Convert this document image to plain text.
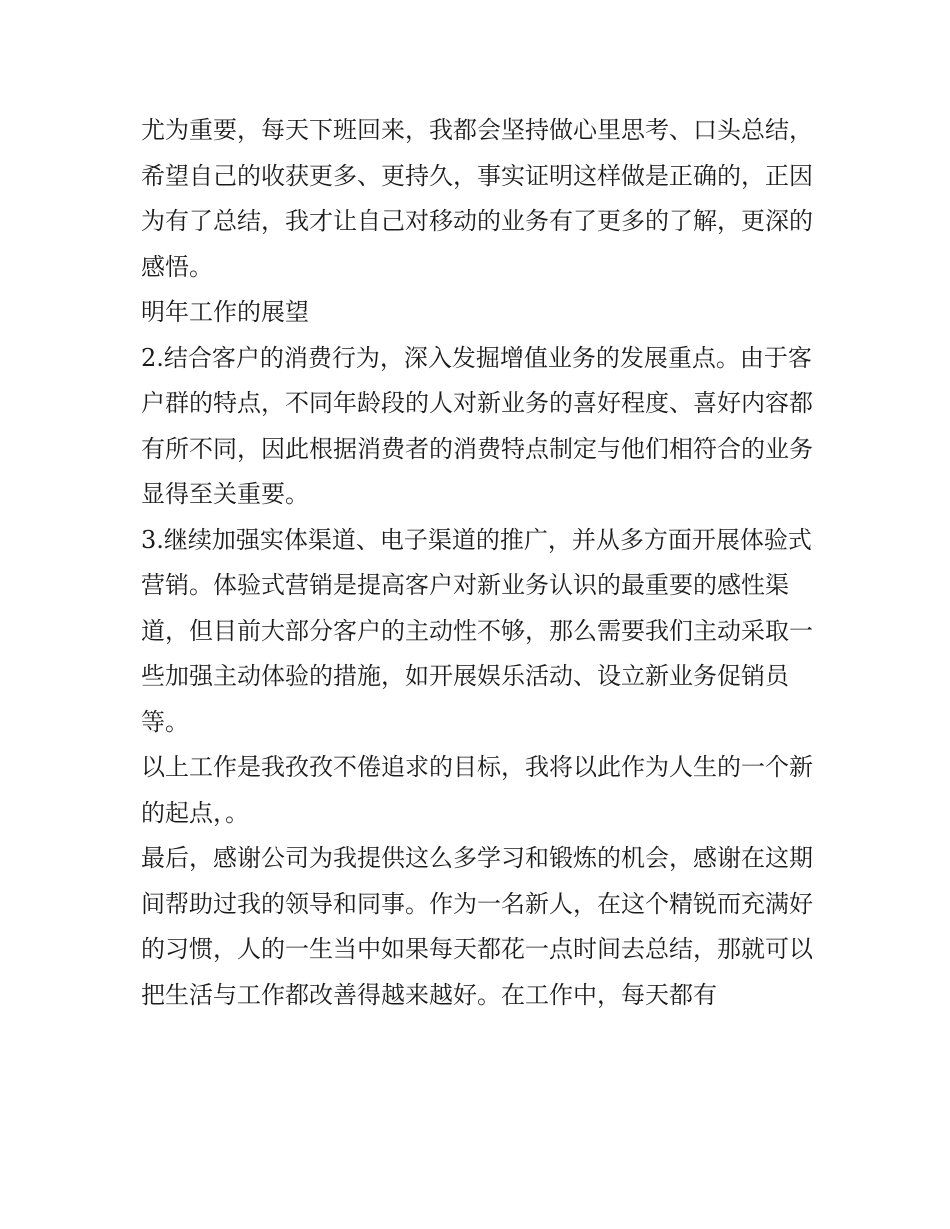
尤为重要，每天下班回来，我都会坚持做心里思考、口头总结，希望自己的收获更多、更持久，事实证明这样做是正确的，正因为有了总结，我才让自己对移动的业务有了更多的了解，更深的感悟。

明年工作的展望

2.结合客户的消费行为，深入发掘增值业务的发展重点。由于客户群的特点，不同年龄段的人对新业务的喜好程度、喜好内容都有所不同，因此根据消费者的消费特点制定与他们相符合的业务显得至关重要。

3.继续加强实体渠道、电子渠道的推广，并从多方面开展体验式营销。体验式营销是提高客户对新业务认识的最重要的感性渠道，但目前大部分客户的主动性不够，那么需要我们主动采取一些加强主动体验的措施，如开展娱乐活动、设立新业务促销员等。

以上工作是我孜孜不倦追求的目标，我将以此作为人生的一个新的起点，。

最后，感谢公司为我提供这么多学习和锻炼的机会，感谢在这期间帮助过我的领导和同事。作为一名新人，在这个精锐而充满好的习惯，人的一生当中如果每天都花一点时间去总结，那就可以把生活与工作都改善得越来越好。在工作中，每天都有
